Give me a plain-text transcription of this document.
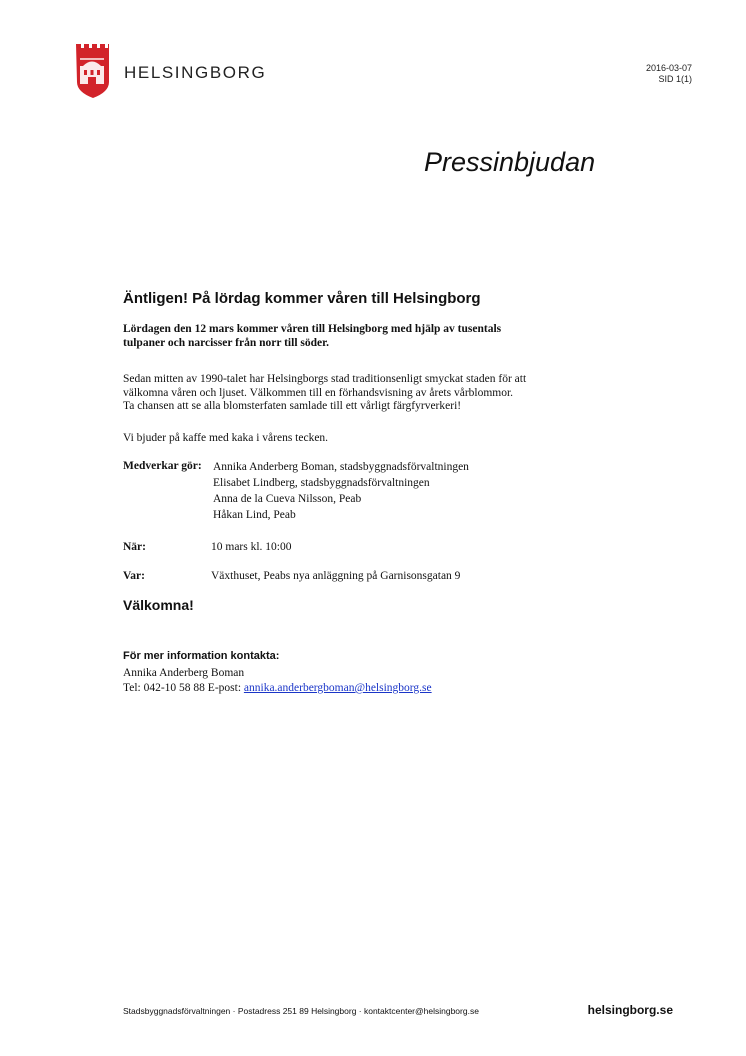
HELSINGBORG	2016-03-07
SID 1(1)
Pressinbjudan
Äntligen! På lördag kommer våren till Helsingborg
Lördagen den 12 mars kommer våren till Helsingborg med hjälp av tusentals
tulpaner och narcisser från norr till söder.
Sedan mitten av 1990-talet har Helsingborgs stad traditionsenligt smyckat staden för att
välkomna våren och ljuset. Välkommen till en förhandsvisning av årets vårblommor.
Ta chansen att se alla blomsterfaten samlade till ett vårligt färgfyrverkeri!
Vi bjuder på kaffe med kaka i vårens tecken.
Medverkar gör: Annika Anderberg Boman, stadsbyggnadsförvaltningen
Elisabet Lindberg, stadsbyggnadsförvaltningen
Anna de la Cueva Nilsson, Peab
Håkan Lind, Peab
När:	10 mars kl. 10:00
Var:	Växthuset, Peabs nya anläggning på Garnisonsgatan 9
Välkomna!
För mer information kontakta:
Annika Anderberg Boman
Tel: 042-10 58 88 E-post: annika.anderbergboman@helsingborg.se
Stadsbyggnadsförvaltningen · Postadress 251 89 Helsingborg · kontaktcenter@helsingborg.se	helsingborg.se
